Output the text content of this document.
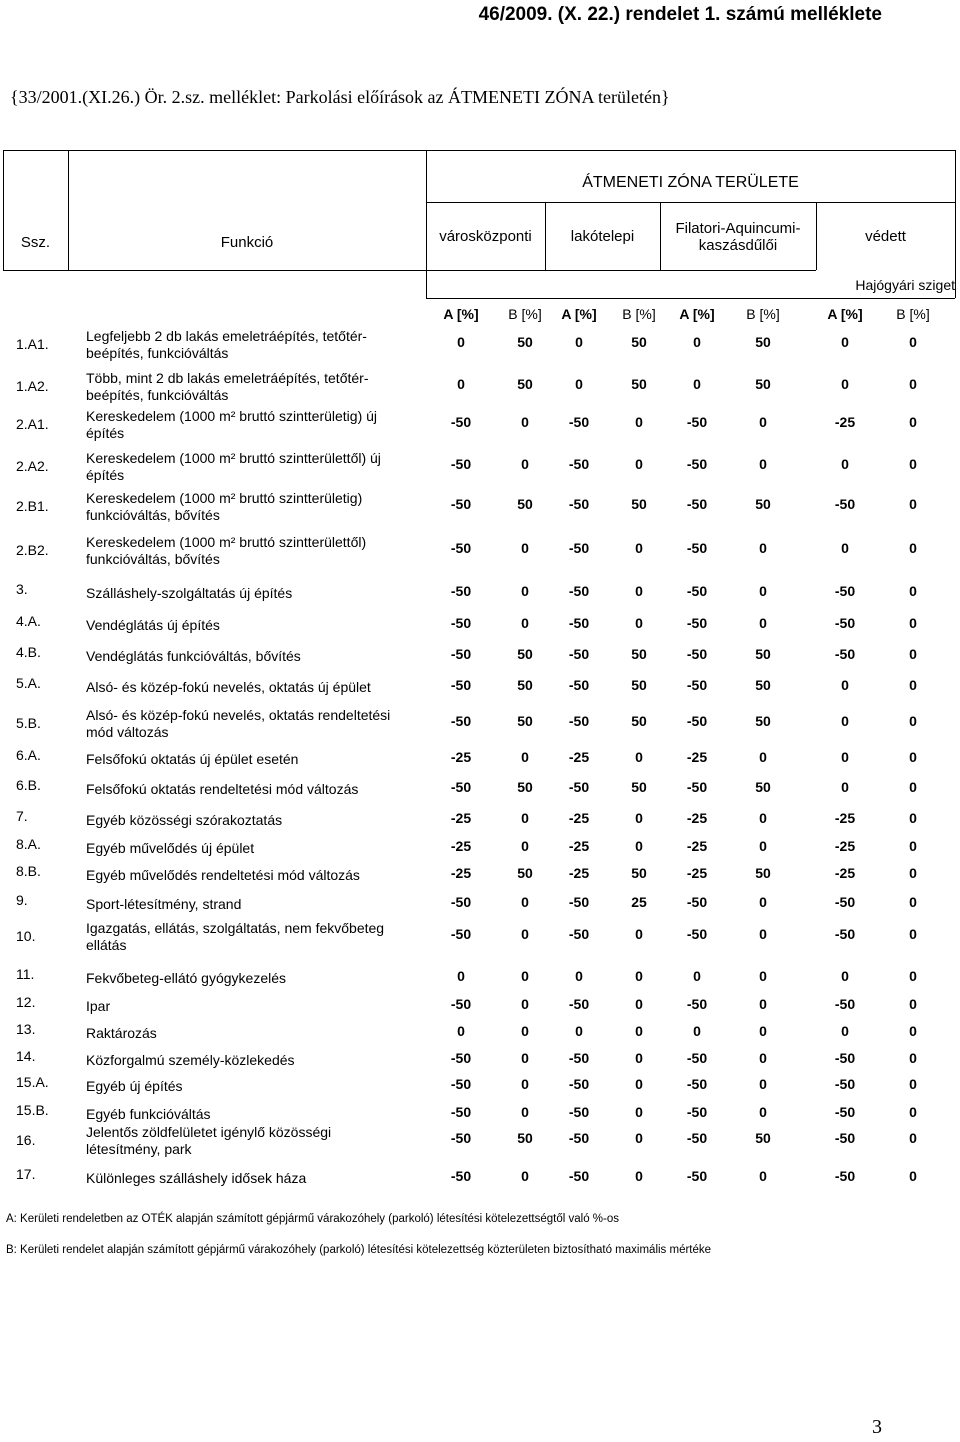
46/2009. (X. 22.) rendelet 1. számú melléklete
{33/2001.(XI.26.) Ör. 2.sz. melléklet: Parkolási előírások az ÁTMENETI ZÓNA területén}
ÁTMENETI ZÓNA TERÜLETE
Ssz.	Funkció	városközponti	lakótelepi	Filatori-Aquincumi-kaszásdűlői
védett
Hajógyári sziget
A [%]	B [%]	A [%]	B [%]	A [%]	B [%]	A [%]	B [%]
1.A1.	Legfeljebb 2 db lakás emeletráépítés, tetőtér-
beépítés, funkcióváltás
0	50	0	50	0	50	0	0
1.A2.	Több, mint 2 db lakás emeletráépítés, tetőtér-
beépítés, funkcióváltás
0	50	0	50	0	50	0	0
2.A1.	Kereskedelem (1000 m² bruttó szintterületig) új
építés
-50	0	-50	0	-50	0	-25	0
2.A2.	Kereskedelem (1000 m² bruttó szintterülettől) új
építés
-50	0	-50	0	-50	0	0	0
2.B1.	Kereskedelem (1000 m² bruttó szintterületig)
funkcióváltás, bővítés
-50	50	-50	50	-50	50	-50	0
2.B2.	Kereskedelem (1000 m² bruttó szintterülettől)
funkcióváltás, bővítés
-50	0	-50	0	-50	0	0	0
3.	Szálláshely-szolgáltatás új építés	-50	0	-50	0	-50	0	-50	0
4.A.	Vendéglátás új építés	-50	0	-50	0	-50	0	-50	0
4.B.	Vendéglátás funkcióváltás, bővítés	-50	50	-50	50	-50	50	-50	0
5.A.	Alsó- és közép-fokú nevelés, oktatás új épület	-50	50	-50	50	-50	50	0	0
5.B.	Alsó- és közép-fokú nevelés, oktatás rendeltetési
mód változás
-50	50	-50	50	-50	50	0	0
6.A.	Felsőfokú oktatás új épület esetén	-25	0	-25	0	-25	0	0	0
6.B.	Felsőfokú oktatás rendeltetési mód változás	-50	50	-50	50	-50	50	0	0
7.	Egyéb közösségi szórakoztatás	-25	0	-25	0	-25	0	-25	0
8.A.	Egyéb művelődés új épület	-25	0	-25	0	-25	0	-25	0
8.B.	Egyéb művelődés rendeltetési mód változás	-25	50	-25	50	-25	50	-25	0
9.	Sport-létesítmény, strand	-50	0	-50	25	-50	0	-50	0
10.	Igazgatás, ellátás, szolgáltatás, nem fekvőbeteg
ellátás
-50	0	-50	0	-50	0	-50	0
11.	Fekvőbeteg-ellátó gyógykezelés	0	0	0	0	0	0	0	0
12.	Ipar	-50	0	-50	0	-50	0	-50	0
13.	Raktározás	0	0	0	0	0	0	0	0
14.	Közforgalmú személy-közlekedés	-50	0	-50	0	-50	0	-50	0
15.A.	Egyéb új építés	-50	0	-50	0	-50	0	-50	0
15.B.	Egyéb funkcióváltás	-50	0	-50	0	-50	0	-50	0
16.	Jelentős zöldfelületet igénylő közösségi
létesítmény, park
-50	50	-50	0	-50	50	-50	0
17.	Különleges szálláshely idősek háza	-50	0	-50	0	-50	0	-50	0
A: Kerületi rendeletben az OTÉK alapján számított gépjármű várakozóhely (parkoló) létesítési kötelezettségtől való %-os
B: Kerületi rendelet alapján számított gépjármű várakozóhely (parkoló) létesítési kötelezettség közterületen biztosítható maximális mértéke
3
